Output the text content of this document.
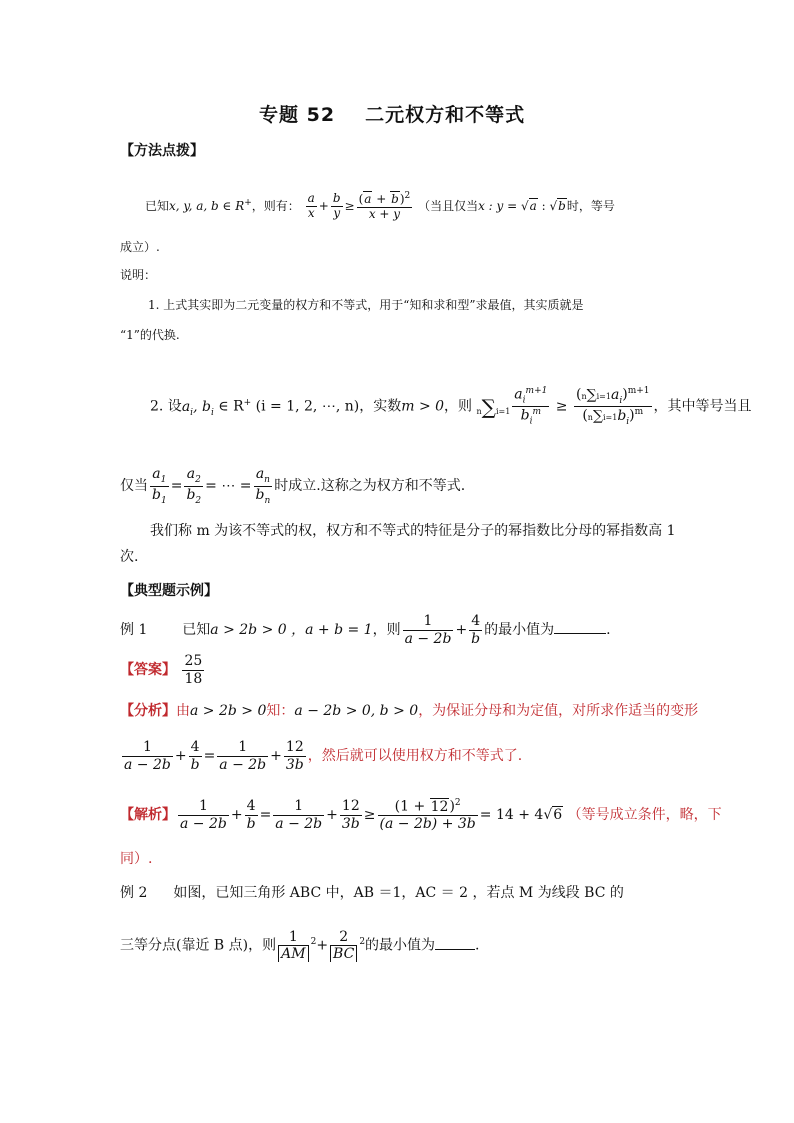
专题 52 二元权方和不等式
【方法点拨】
已知x, y, a, b ∈ R+，则有： $\frac{a}{x} + \frac{b}{y} \ge \frac{(a + b)^2}{x + y}$ （当且仅当x : y = √a : √b时，等号
成立）.
说明：
1. 上式其实即为二元变量的权方和不等式，用于“知和求和型”求最值，其实质就是
“1”的代换.
2. 设$a_i$, $b_i$ ∈ R+ (i = 1, 2, ⋯, n)，实数m > 0，则 $n\sum i=1 \frac{a_i^{m+1}}{b_i^m} \ge \frac{(n\sum i=1a_i)^{m+1}}{(n\sum i=1b_i)^m}$ ，其中等号当且
仅当 $\frac{a_1}{b_1} = \frac{a_2}{b_2}$ = ⋯ = $\frac{a_n}{b_n}$ 时成立.这称之为权方和不等式.
我们称 m 为该不等式的权，权方和不等式的特征是分子的幂指数比分母的幂指数高 1
次.
【典型题示例】
例 1 已知a > 2b > 0 ，a + b = 1，则 $\frac{1}{a - 2b} + \frac{4}{b}$ 的最小值为	.
【答案】 $\frac{25}{18}$
【分析】由a > 2b > 0知：a − 2b > 0, b > 0，为保证分母和为定值，对所求作适当的变形
$\frac{1}{a - 2b} + \frac{4}{b} = \frac{1}{a - 2b} + \frac{12}{3b}$ ，然后就可以使用权方和不等式了.
【解析】 $\frac{1}{a - 2b} + \frac{4}{b} = \frac{1}{a - 2b} + \frac{12}{3b} \ge \frac{(1 + 12)^2}{(a - 2b) + 3b} = 14 + 4√6$ （等号成立条件，略，下
同）.
例 2 如图，已知三角形 ABC 中，AB ＝1，AC ＝ 2 ，若点 M 为线段 BC 的
三等分点(靠近 B 点)，则 $\frac{1}{AM} ^2+ \frac{2}{BC} ^2$的最小值为	.
